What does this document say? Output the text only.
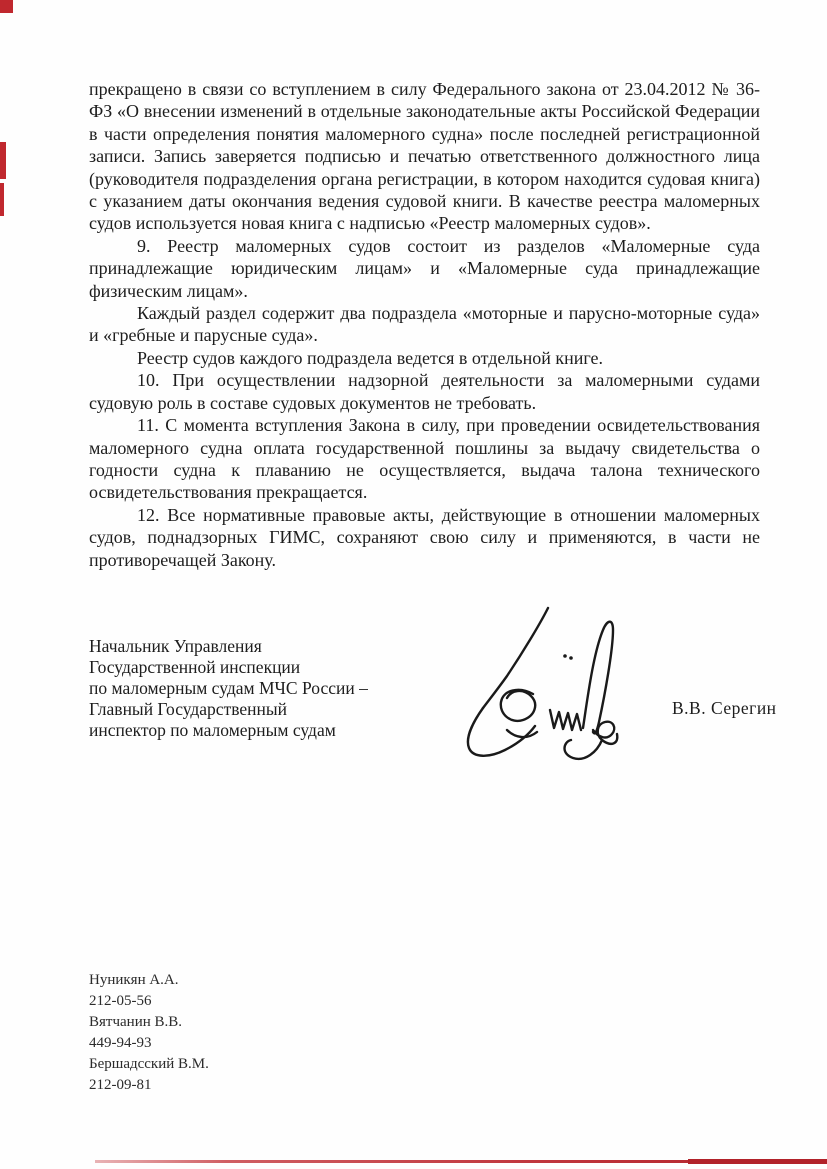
прекращено в связи со вступлением в силу Федерального закона от 23.04.2012 № 36-ФЗ «О внесении изменений в отдельные законодательные акты Российской Федерации в части определения понятия маломерного судна» после последней регистрационной записи. Запись заверяется подписью и печатью ответственного должностного лица (руководителя подразделения органа регистрации, в котором находится судовая книга) с указанием даты окончания ведения судовой книги. В качестве реестра маломерных судов используется новая книга с надписью «Реестр маломерных судов».

9. Реестр маломерных судов состоит из разделов «Маломерные суда принадлежащие юридическим лицам» и «Маломерные суда принадлежащие физическим лицам».

Каждый раздел содержит два подраздела «моторные и парусно-моторные суда» и «гребные и парусные суда».

Реестр судов каждого подраздела ведется в отдельной книге.

10. При осуществлении надзорной деятельности за маломерными судами судовую роль в составе судовых документов не требовать.

11. С момента вступления Закона в силу, при проведении освидетельствования маломерного судна оплата государственной пошлины за выдачу свидетельства о годности судна к плаванию не осуществляется, выдача талона технического освидетельствования прекращается.

12. Все нормативные правовые акты, действующие в отношении маломерных судов, поднадзорных ГИМС, сохраняют свою силу и применяются, в части не противоречащей Закону.

Начальник Управления
Государственной инспекции
по маломерным судам МЧС России –
Главный Государственный
инспектор по маломерным судам
В.В. Серегин
Нуникян А.А.
212-05-56
Вятчанин В.В.
449-94-93
Бершадсский В.М.
212-09-81
